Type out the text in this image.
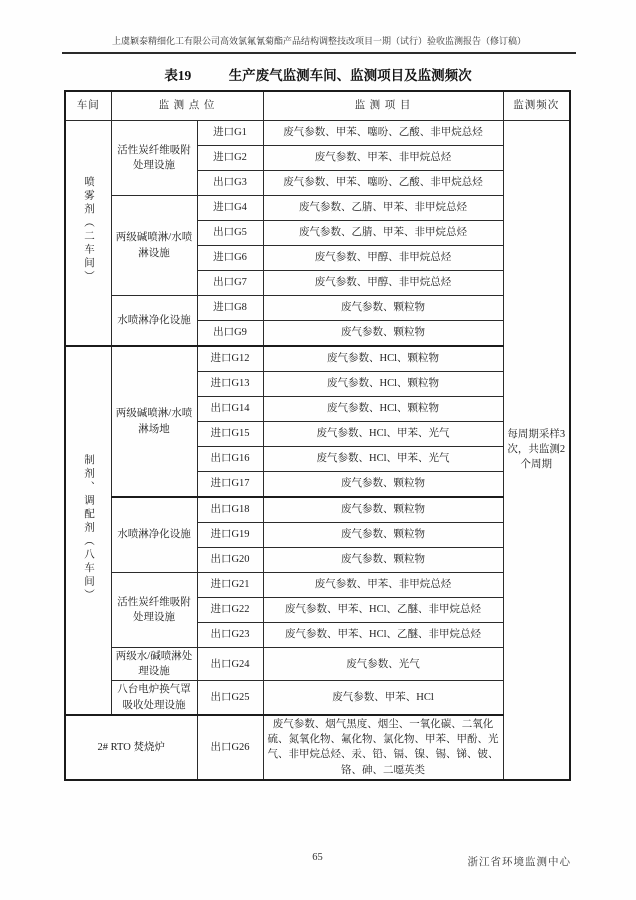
上虞颖泰精细化工有限公司高效氯氟氰菊酯产品结构调整技改项目一期（试行）验收监测报告（修订稿）
表19	生产废气监测车间、监测项目及监测频次
车间	监 测 点 位		监 测 项 目	监测频次
喷雾剂（二车间）	活性炭纤维吸附处理设施	进口G1	废气参数、甲苯、噻吩、乙酸、非甲烷总烃	每周期采样3次，共监测2个周期
		进口G2	废气参数、甲苯、非甲烷总烃	
		出口G3	废气参数、甲苯、噻吩、乙酸、非甲烷总烃	
	两级碱喷淋/水喷淋设施	进口G4	废气参数、乙腈、甲苯、非甲烷总烃	
		出口G5	废气参数、乙腈、甲苯、非甲烷总烃	
		进口G6	废气参数、甲醇、非甲烷总烃	
		出口G7	废气参数、甲醇、非甲烷总烃	
	水喷淋净化设施	进口G8	废气参数、颗粒物	
		出口G9	废气参数、颗粒物	
制剂、调配剂（八车间）	两级碱喷淋/水喷淋场地	进口G12	废气参数、HCl、颗粒物	
		进口G13	废气参数、HCl、颗粒物	
		出口G14	废气参数、HCl、颗粒物	
		进口G15	废气参数、HCl、甲苯、光气	
		出口G16	废气参数、HCl、甲苯、光气	
		进口G17	废气参数、颗粒物	
	水喷淋净化设施	出口G18	废气参数、颗粒物	
		进口G19	废气参数、颗粒物	
		出口G20	废气参数、颗粒物	
	活性炭纤维吸附处理设施	进口G21	废气参数、甲苯、非甲烷总烃	
		进口G22	废气参数、甲苯、HCl、乙醚、非甲烷总烃	
		出口G23	废气参数、甲苯、HCl、乙醚、非甲烷总烃	
	两级水/碱喷淋处理设施	出口G24	废气参数、光气	
	八台电炉换气罩吸收处理设施	出口G25	废气参数、甲苯、HCl	
2# RTO 焚烧炉		出口G26	废气参数、烟气黑度、烟尘、一氧化碳、二氧化硫、氮氧化物、氟化物、氯化物、甲苯、甲酚、光气、非甲烷总烃、汞、铅、镉、镍、锡、锑、铍、铬、砷、二噁英类	
65	浙江省环境监测中心
